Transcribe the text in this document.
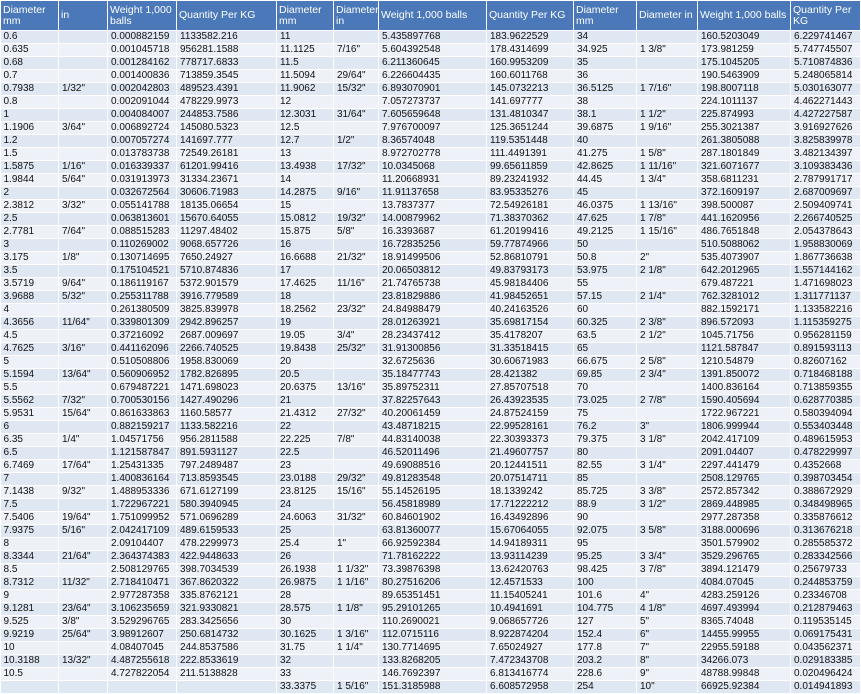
Diameter mm	in	Weight 1,000 balls	Quantity Per KG	Diameter mm	Diameter in	Weight 1,000 balls	Quantity Per KG	Diameter mm	Diameter in	Weight 1,000 balls	Quantity Per KG
0.6		0.000882159	1133582.216	11		5.435897768	183.9622529	34		160.5203049	6.229741467
0.635		0.001045718	956281.1588	11.1125	7/16"	5.604392548	178.4314699	34.925	1 3/8"	173.981259	5.747745507
0.68		0.001284162	778717.6833	11.5		6.211360645	160.9953209	35		175.1045205	5.710874836
0.7		0.001400836	713859.3545	11.5094	29/64"	6.226604435	160.6011768	36		190.5463909	5.248065814
0.7938	1/32"	0.002042803	489523.4391	11.9062	15/32"	6.893070901	145.0732213	36.5125	1 7/16"	198.8007118	5.030163077
0.8		0.002091044	478229.9973	12		7.057273737	141.697777	38		224.1011137	4.462271443
1		0.004084007	244853.7586	12.3031	31/64"	7.605659648	131.4810347	38.1	1 1/2"	225.874993	4.427227587
1.1906	3/64"	0.006892724	145080.5323	12.5		7.976700097	125.3651244	39.6875	1 9/16"	255.3021387	3.916927626
1.2		0.007057274	141697.777	12.7	1/2"	8.36574048	119.5351448	40		261.3805088	3.825839978
1.5		0.013783738	72549.26181	13		8.972702778	111.4491391	41.275	1 5/8"	287.1801849	3.482134397
1.5875	1/16"	0.016339337	61201.99416	13.4938	17/32"	10.0345068	99.65611859	42.8625	1 11/16"	321.6071677	3.109383436
1.9844	5/64"	0.031913973	31334.23671	14		11.20668931	89.23241932	44.45	1 3/4"	358.6811231	2.787991717
2		0.032672564	30606.71983	14.2875	9/16"	11.91137658	83.95335276	45		372.1609197	2.687009697
2.3812	3/32"	0.055141788	18135.06654	15		13.7837377	72.54926181	46.0375	1 13/16"	398.500087	2.509409741
2.5		0.063813601	15670.64055	15.0812	19/32"	14.00879962	71.38370362	47.625	1 7/8"	441.1620956	2.266740525
2.7781	7/64"	0.088515283	11297.48402	15.875	5/8"	16.3393687	61.20199416	49.2125	1 15/16"	486.7651848	2.054378643
3		0.110269002	9068.657726	16		16.72835256	59.77874966	50		510.5088062	1.958830069
3.175	1/8"	0.130714695	7650.24927	16.6688	21/32"	18.91499506	52.86810791	50.8	2"	535.4073907	1.867736638
3.5		0.175104521	5710.874836	17		20.06503812	49.83793173	53.975	2 1/8"	642.2012965	1.557144162
3.5719	9/64"	0.186119167	5372.901579	17.4625	11/16"	21.74765738	45.98184406	55		679.487221	1.471698023
3.9688	5/32"	0.255311788	3916.779589	18		23.81829886	41.98452651	57.15	2 1/4"	762.3281012	1.311771137
4		0.261380509	3825.839978	18.2562	23/32"	24.84988479	40.24163526	60		882.1592171	1.133582216
4.3656	11/64"	0.339801309	2942.896257	19		28.01263921	35.69817154	60.325	2 3/8"	896.572093	1.115359275
4.5		0.37216092	2687.009697	19.05	3/4"	28.23437412	35.4178207	63.5	2 1/2"	1045.71756	0.956281159
4.7625	3/16"	0.441162096	2266.740525	19.8438	25/32"	31.91300856	31.33518415	65		1121.587847	0.891593113
5		0.510508806	1958.830069	20		32.6725636	30.60671983	66.675	2 5/8"	1210.54879	0.82607162
5.1594	13/64"	0.560906952	1782.826895	20.5		35.18477743	28.421382	69.85	2 3/4"	1391.850072	0.718468188
5.5		0.679487221	1471.698023	20.6375	13/16"	35.89752311	27.85707518	70		1400.836164	0.713859355
5.5562	7/32"	0.700530156	1427.490296	21		37.82257643	26.43923535	73.025	2 7/8"	1590.405694	0.628770385
5.9531	15/64"	0.861633863	1160.58577	21.4312	27/32"	40.20061459	24.87524159	75		1722.967221	0.580394094
6		0.882159217	1133.582216	22		43.48718215	22.99528161	76.2	3"	1806.999944	0.553403448
6.35	1/4"	1.04571756	956.2811588	22.225	7/8"	44.83140038	22.30393373	79.375	3 1/8"	2042.417109	0.489615953
6.5		1.121587847	891.5931127	22.5		46.52011496	21.49607757	80		2091.04407	0.478229997
6.7469	17/64"	1.25431335	797.2489487	23		49.69088516	20.12441511	82.55	3 1/4"	2297.441479	0.4352668
7		1.400836164	713.8593545	23.0188	29/32"	49.81283548	20.07514711	85		2508.129765	0.398703454
7.1438	9/32"	1.488953336	671.6127199	23.8125	15/16"	55.14526195	18.1339242	85.725	3 3/8"	2572.857342	0.388672929
7.5		1.722967221	580.3940945	24		56.45818989	17.71222212	88.9	3 1/2"	2869.448985	0.348498965
7.5406	19/64"	1.751099952	571.0696289	24.6063	31/32"	60.84601902	16.43492896	90		2977.287358	0.335876612
7.9375	5/16"	2.042417109	489.6159533	25		63.81360077	15.67064055	92.075	3 5/8"	3188.000696	0.313676218
8		2.09104407	478.2299973	25.4	1"	66.92592384	14.94189311	95		3501.579902	0.285585372
8.3344	21/64"	2.364374383	422.9448633	26		71.78162222	13.93114239	95.25	3 3/4"	3529.296765	0.283342566
8.5		2.508129765	398.7034539	26.1938	1 1/32"	73.39876398	13.62420763	98.425	3 7/8"	3894.121479	0.25679733
8.7312	11/32"	2.718410471	367.8620322	26.9875	1 1/16"	80.27516206	12.4571533	100		4084.07045	0.244853759
9		2.977287358	335.8762121	28		89.65351451	11.15405241	101.6	4"	4283.259126	0.23346708
9.1281	23/64"	3.106235659	321.9330821	28.575	1 1/8"	95.29101265	10.4941691	104.775	4 1/8"	4697.493994	0.212879463
9.525	3/8"	3.529296765	283.3425656	30		110.2690021	9.068657726	127	5"	8365.74048	0.119535145
9.9219	25/64"	3.98912607	250.6814732	30.1625	1 3/16"	112.0715116	8.922874204	152.4	6"	14455.99955	0.069175431
10		4.08407045	244.8537586	31.75	1 1/4"	130.7714695	7.65024927	177.8	7"	22955.59188	0.043562371
10.3188	13/32"	4.487255618	222.8533619	32		133.8268205	7.472343708	203.2	8"	34266.073	0.029183385
10.5		4.727822054	211.5138828	33		146.7692397	6.813416774	228.6	9"	48788.99848	0.020496424
				33.3375	1 5/16"	151.3185988	6.608572958	254	10"	66925.92384	0.014941893
